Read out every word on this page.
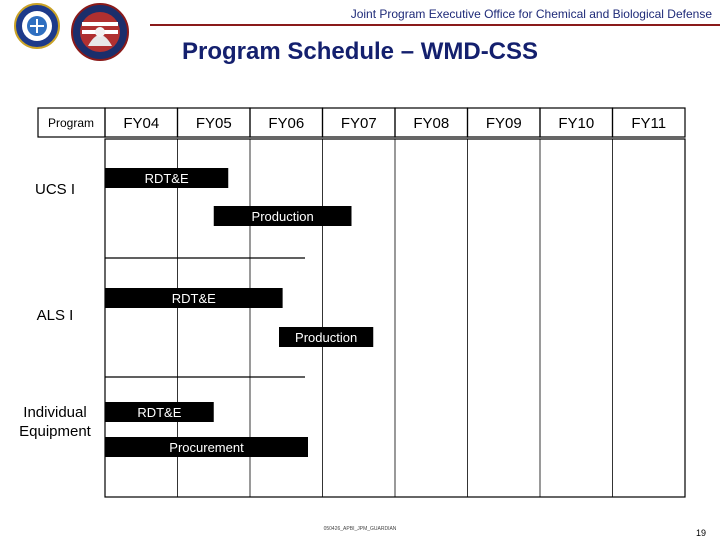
Joint Program Executive Office for Chemical and Biological Defense
Program Schedule – WMD-CSS
Program FY04 FY05 FY06 FY07 FY08 FY09 FY10 FY11
UCS I
ALS I
Individual
Equipment
RDT&E
Production
RDT&E
Production
RDT&E
Procurement
050426_APBI_JPM_GUARDIAN	19
